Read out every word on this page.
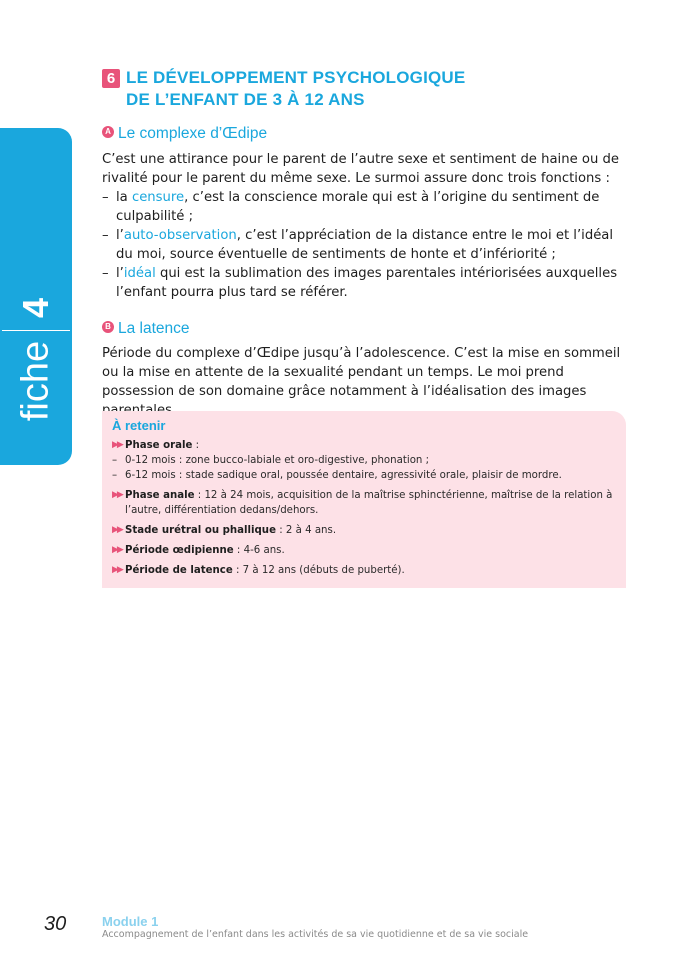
4
fiche
6 LE DÉVELOPPEMENT PSYCHOLOGIQUE
DE L’ENFANT DE 3 À 12 ANS
A Le complexe d’Œdipe

C’est une attirance pour le parent de l’autre sexe et sentiment de haine ou de rivalité pour le parent du même sexe. Le surmoi assure donc trois fonctions :

– la censure, c’est la conscience morale qui est à l’origine du sentiment de culpabilité ;
– l’auto-observation, c’est l’appréciation de la distance entre le moi et l’idéal du moi, source éventuelle de sentiments de honte et d’infériorité ;
– l’idéal qui est la sublimation des images parentales intériorisées auxquelles l’enfant pourra plus tard se référer.
B La latence

Période du complexe d’Œdipe jusqu’à l’adolescence. C’est la mise en sommeil ou la mise en attente de la sexualité pendant un temps. Le moi prend possession de son domaine grâce notamment à l’idéalisation des images

À retenir
▶▶ Phase orale :
– 0-12 mois : zone bucco-labiale et oro-digestive, phonation ;
– 6-12 mois : stade sadique oral, poussée dentaire, agressivité orale, plaisir de mordre.
▶▶ Phase anale : 12 à 24 mois, acquisition de la maîtrise sphinctérienne, maîtrise de la relation à l’autre, différentiation dedans/dehors.
▶▶ Stade urétral ou phallique : 2 à 4 ans.
▶▶ Période œdipienne : 4-6 ans.
▶▶ Période de latence : 7 à 12 ans (débuts de puberté).
30	Module 1
Accompagnement de l’enfant dans les activités de sa vie quotidienne et de sa vie sociale
